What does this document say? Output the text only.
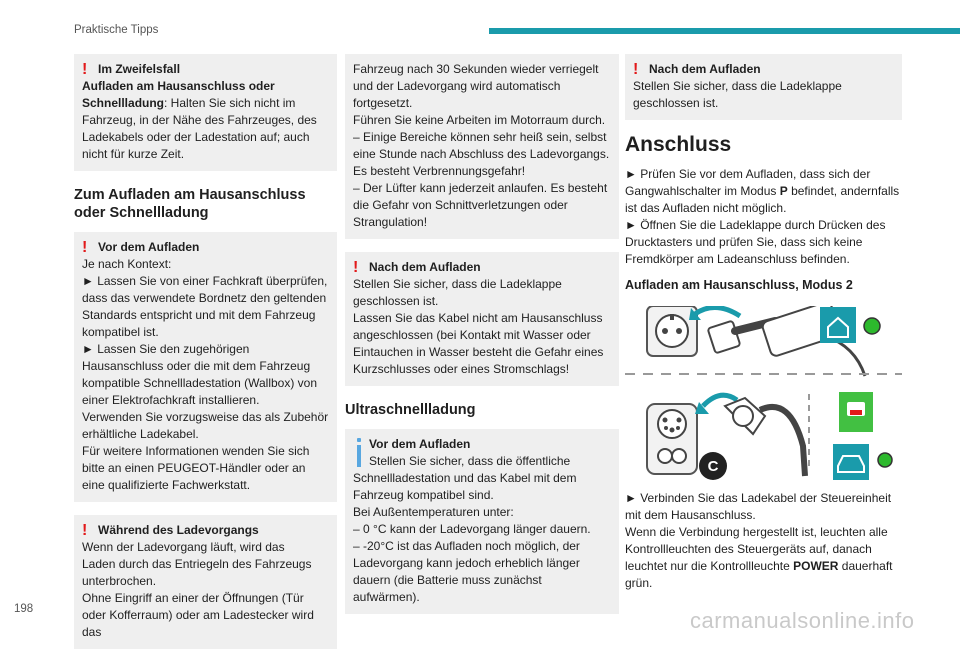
Praktische Tipps
! Im Zweifelsfall
Aufladen am Hausanschluss oder
Schnellladung: Halten Sie sich nicht im Fahrzeug, in der Nähe des Fahrzeuges, des Ladekabels oder der Ladestation auf; auch nicht für kurze Zeit.
Zum Aufladen am Hausanschluss oder Schnellladung
! Vor dem Aufladen
Je nach Kontext:
► Lassen Sie von einer Fachkraft überprüfen, dass das verwendete Bordnetz den geltenden Standards entspricht und mit dem Fahrzeug kompatibel ist.
► Lassen Sie den zugehörigen Hausanschluss oder die mit dem Fahrzeug kompatible Schnellladestation (Wallbox) von einer Elektrofachkraft installieren.
Verwenden Sie vorzugsweise das als Zubehör erhältliche Ladekabel.
Für weitere Informationen wenden Sie sich bitte an einen PEUGEOT-Händler oder an eine qualifizierte Fachwerkstatt.
! Während des Ladevorgangs
Wenn der Ladevorgang läuft, wird das
Laden durch das Entriegeln des Fahrzeugs unterbrochen.
Ohne Eingriff an einer der Öffnungen (Tür oder Kofferraum) oder am Ladestecker wird das
Fahrzeug nach 30 Sekunden wieder verriegelt und der Ladevorgang wird automatisch fortgesetzt.
Führen Sie keine Arbeiten im Motorraum durch.
– Einige Bereiche können sehr heiß sein, selbst eine Stunde nach Abschluss des Ladevorgangs. Es besteht Verbrennungsgefahr!
– Der Lüfter kann jederzeit anlaufen. Es besteht die Gefahr von Schnittverletzungen oder Strangulation!
! Nach dem Aufladen
Stellen Sie sicher, dass die Ladeklappe
geschlossen ist.
Lassen Sie das Kabel nicht am Hausanschluss angeschlossen (bei Kontakt mit Wasser oder Eintauchen in Wasser besteht die Gefahr eines Kurzschlusses oder eines Stromschlags!
Ultraschnellladung
Vor dem Aufladen
Stellen Sie sicher, dass die öffentliche
Schnellladestation und das Kabel mit dem Fahrzeug kompatibel sind.
Bei Außentemperaturen unter:
– 0 °C kann der Ladevorgang länger dauern.
– -20°C ist das Aufladen noch möglich, der Ladevorgang kann jedoch erheblich länger dauern (die Batterie muss zunächst aufwärmen).
! Nach dem Aufladen
Stellen Sie sicher, dass die Ladeklappe
geschlossen ist.
Anschluss
► Prüfen Sie vor dem Aufladen, dass sich der Gangwahlschalter im Modus P befindet, andernfalls ist das Aufladen nicht möglich.
► Öffnen Sie die Ladeklappe durch Drücken des Drucktasters und prüfen Sie, dass sich keine Fremdkörper am Ladeanschluss befinden.
Aufladen am Hausanschluss, Modus 2
C
► Verbinden Sie das Ladekabel der Steuereinheit mit dem Hausanschluss.
Wenn die Verbindung hergestellt ist, leuchten alle Kontrollleuchten des Steuergeräts auf, danach leuchtet nur die Kontrollleuchte POWER dauerhaft grün.
198	carmanualsonline.info
